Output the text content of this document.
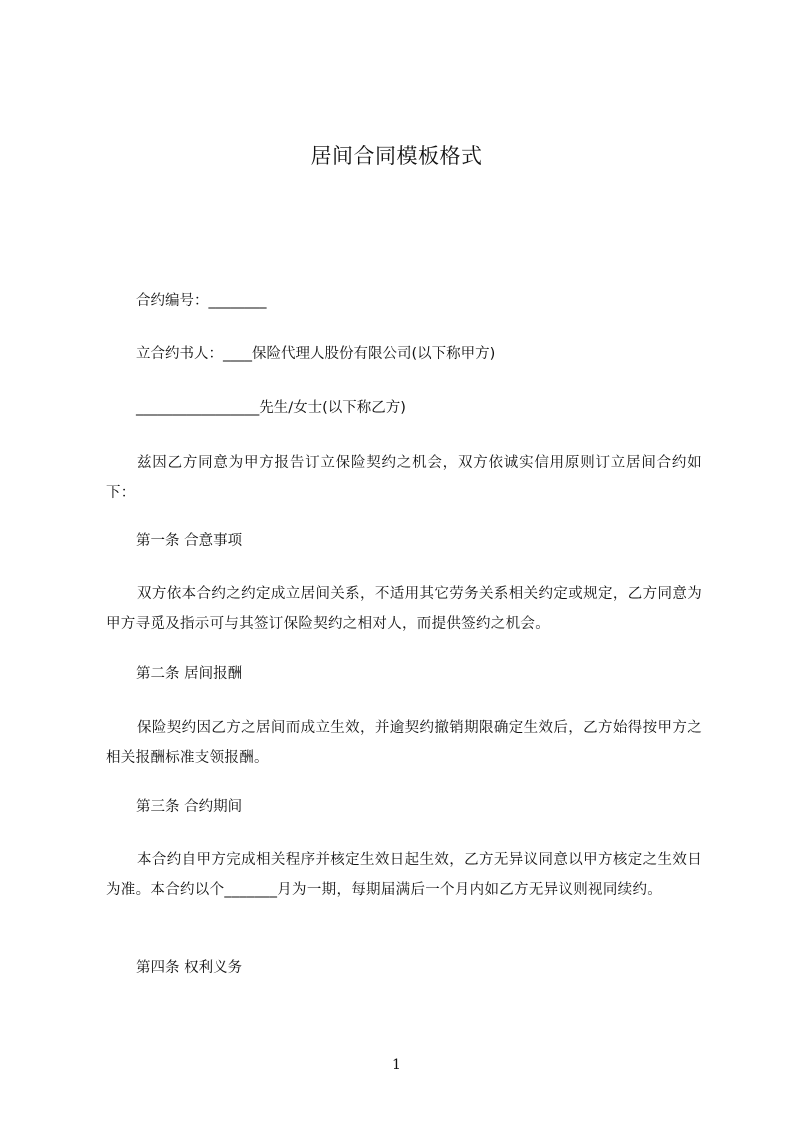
居间合同模板格式
合约编号：________
立合约书人：____保险代理人股份有限公司(以下称甲方)
_________________先生/女士(以下称乙方)
兹因乙方同意为甲方报告订立保险契约之机会，双方依诚实信用原则订立居间合约如下：
第一条 合意事项
双方依本合约之约定成立居间关系，不适用其它劳务关系相关约定或规定，乙方同意为甲方寻觅及指示可与其签订保险契约之相对人，而提供签约之机会。
第二条 居间报酬
保险契约因乙方之居间而成立生效，并逾契约撤销期限确定生效后，乙方始得按甲方之相关报酬标准支领报酬。
第三条 合约期间
本合约自甲方完成相关程序并核定生效日起生效，乙方无异议同意以甲方核定之生效日为准。本合约以个_______月为一期，每期届满后一个月内如乙方无异议则视同续约。
第四条 权利义务
1
